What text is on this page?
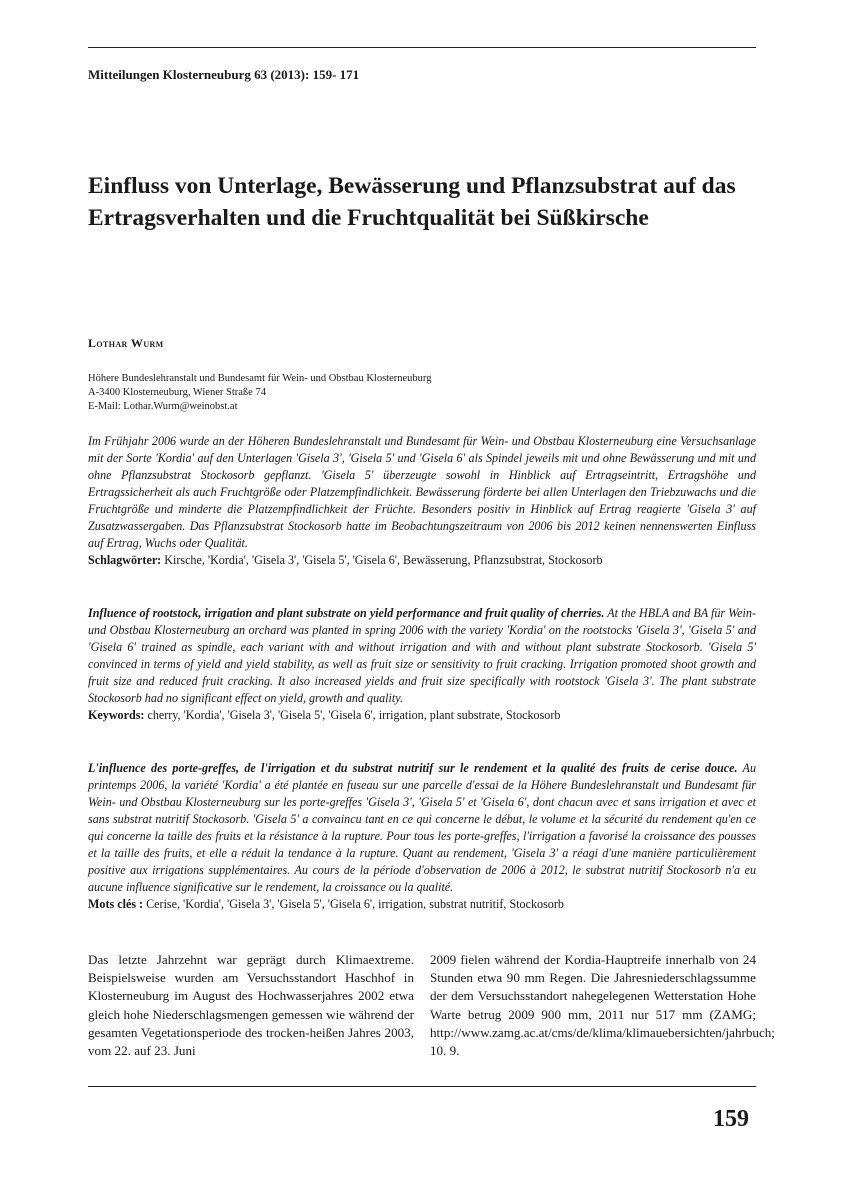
Mitteilungen Klosterneuburg 63 (2013): 159- 171
Einfluss von Unterlage, Bewässerung und Pflanzsubstrat auf das Ertragsverhalten und die Fruchtqualität bei Süßkirsche
Lothar Wurm
Höhere Bundeslehranstalt und Bundesamt für Wein- und Obstbau Klosterneuburg
A-3400 Klosterneuburg, Wiener Straße 74
E-Mail: Lothar.Wurm@weinobst.at

Im Frühjahr 2006 wurde an der Höheren Bundeslehranstalt und Bundesamt für Wein- und Obstbau Klosterneuburg eine Versuchsanlage mit der Sorte 'Kordia' auf den Unterlagen 'Gisela 3', 'Gisela 5' und 'Gisela 6' als Spindel jeweils mit und ohne Bewässerung und mit und ohne Pflanzsubstrat Stockosorb gepflanzt. 'Gisela 5' überzeugte sowohl in Hinblick auf Ertragseintritt, Ertragshöhe und Ertragssicherheit als auch Fruchtgröße oder Platzempfindlichkeit. Bewässerung förderte bei allen Unterlagen den Triebzuwachs und die Fruchtgröße und minderte die Platzempfindlichkeit der Früchte. Besonders positiv in Hinblick auf Ertrag reagierte 'Gisela 3' auf Zusatzwassergaben. Das Pflanzsubstrat Stockosorb hatte im Beobachtungszeitraum von 2006 bis 2012 keinen nennenswerten Einfluss auf Ertrag, Wuchs oder Qualität.
Schlagwörter: Kirsche, 'Kordia', 'Gisela 3', 'Gisela 5', 'Gisela 6', Bewässerung, Pflanzsubstrat, Stockosorb

Influence of rootstock, irrigation and plant substrate on yield performance and fruit quality of cherries. At the HBLA and BA für Wein- und Obstbau Klosterneuburg an orchard was planted in spring 2006 with the variety 'Kordia' on the rootstocks 'Gisela 3', 'Gisela 5' and 'Gisela 6' trained as spindle, each variant with and without irrigation and with and without plant substrate Stockosorb. 'Gisela 5' convinced in terms of yield and yield stability, as well as fruit size or sensitivity to fruit cracking. Irrigation promoted shoot growth and fruit size and reduced fruit cracking. It also increased yields and fruit size specifically with rootstock 'Gisela 3'. The plant substrate Stockosorb had no significant effect on yield, growth and quality.
Keywords: cherry, 'Kordia', 'Gisela 3', 'Gisela 5', 'Gisela 6', irrigation, plant substrate, Stockosorb

L'influence des porte-greffes, de l'irrigation et du substrat nutritif sur le rendement et la qualité des fruits de cerise douce. Au printemps 2006, la variété 'Kordia' a été plantée en fuseau sur une parcelle d'essai de la Höhere Bundeslehranstalt und Bundesamt für Wein- und Obstbau Klosterneuburg sur les porte-greffes 'Gisela 3', 'Gisela 5' et 'Gisela 6', dont chacun avec et sans irrigation et avec et sans substrat nutritif Stockosorb. 'Gisela 5' a convaincu tant en ce qui concerne le début, le volume et la sécurité du rendement qu'en ce qui concerne la taille des fruits et la résistance à la rupture. Pour tous les porte-greffes, l'irrigation a favorisé la croissance des pousses et la taille des fruits, et elle a réduit la tendance à la rupture. Quant au rendement, 'Gisela 3' a réagi d'une manière particulièrement positive aux irrigations supplémentaires. Au cours de la période d'observation de 2006 à 2012, le substrat nutritif Stockosorb n'a eu aucune influence significative sur le rendement, la croissance ou la qualité.
Mots clés : Cerise, 'Kordia', 'Gisela 3', 'Gisela 5', 'Gisela 6', irrigation, substrat nutritif, Stockosorb

Das letzte Jahrzehnt war geprägt durch Klimaextreme. Beispielsweise wurden am Versuchsstandort Haschhof in Klosterneuburg im August des Hochwasserjahres 2002 etwa gleich hohe Niederschlagsmengen gemessen wie während der gesamten Vegetationsperiode des trocken-heißen Jahres 2003, vom 22. auf 23. Juni

2009 fielen während der Kordia-Hauptreife innerhalb von 24 Stunden etwa 90 mm Regen. Die Jahresniederschlagssumme der dem Versuchsstandort nahegelegenen Wetterstation Hohe Warte betrug 2009 900 mm, 2011 nur 517 mm (ZAMG; http://www.zamg.ac.at/cms/de/klima/klimauebersichten/jahrbuch; 10. 9.

159
